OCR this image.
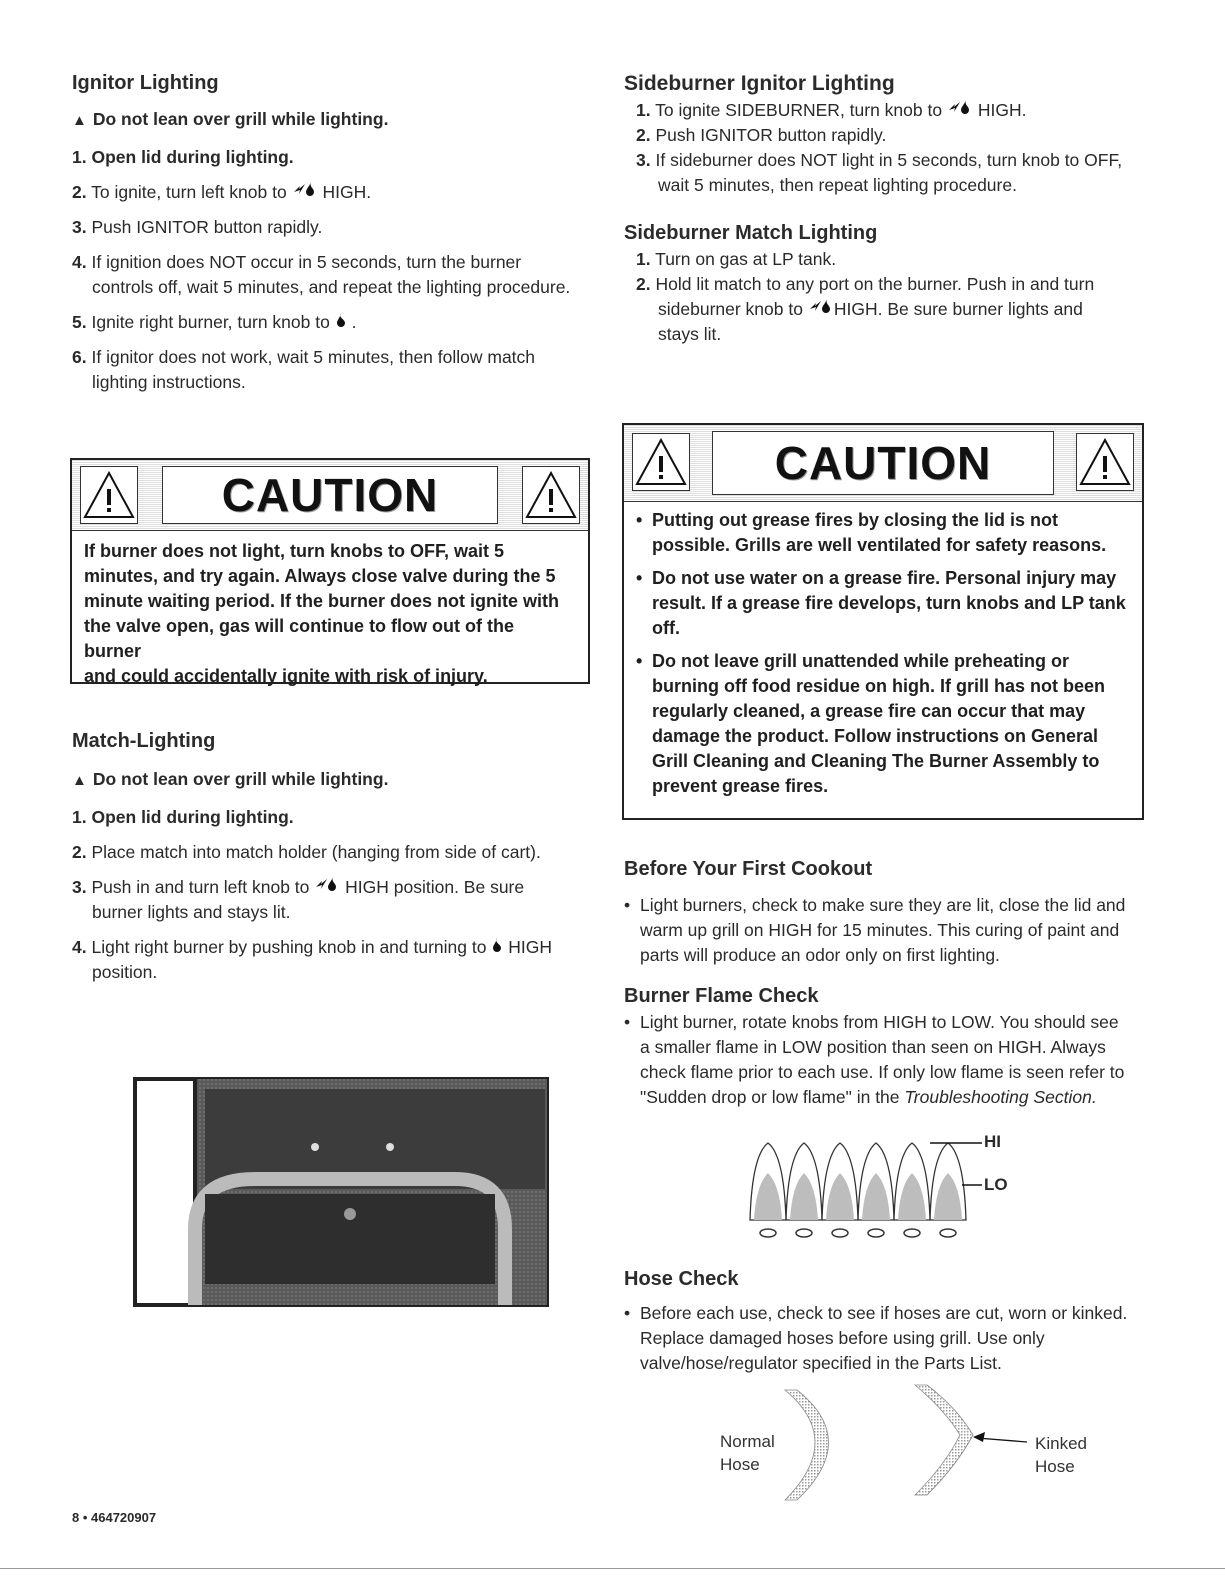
Ignitor Lighting
▲ Do not lean over grill while lighting.
1. Open lid during lighting.
2. To ignite, turn left knob to HIGH.
3. Push IGNITOR button rapidly.
4. If ignition does NOT occur in 5 seconds, turn the burner
controls off, wait 5 minutes, and repeat the lighting procedure.
5. Ignite right burner, turn knob to .
6. If ignitor does not work, wait 5 minutes, then follow match
lighting instructions.
CAUTION
If burner does not light, turn knobs to OFF, wait 5
minutes, and try again. Always close valve during the 5
minute waiting period. If the burner does not ignite with
the valve open, gas will continue to flow out of the burner
and could accidentally ignite with risk of injury.
Match-Lighting
▲ Do not lean over grill while lighting.
1. Open lid during lighting.
2. Place match into match holder (hanging from side of cart).
3. Push in and turn left knob to HIGH position. Be sure
burner lights and stays lit.
4. Light right burner by pushing knob in and turning to HIGH
position.
Sideburner Ignitor Lighting
1. To ignite SIDEBURNER, turn knob to HIGH.
2. Push IGNITOR button rapidly.
3. If sideburner does NOT light in 5 seconds, turn knob to OFF,
wait 5 minutes, then repeat lighting procedure.
Sideburner Match Lighting
1. Turn on gas at LP tank.
2. Hold lit match to any port on the burner. Push in and turn
sideburner knob to HIGH. Be sure burner lights and
stays lit.
CAUTION
• Putting out grease fires by closing the lid is not
possible. Grills are well ventilated for safety reasons.
• Do not use water on a grease fire. Personal injury may
result. If a grease fire develops, turn knobs and LP tank
off.
• Do not leave grill unattended while preheating or
burning off food residue on high. If grill has not been
regularly cleaned, a grease fire can occur that may
damage the product. Follow instructions on General
Grill Cleaning and Cleaning The Burner Assembly to
prevent grease fires.
Before Your First Cookout
• Light burners, check to make sure they are lit, close the lid and
warm up grill on HIGH for 15 minutes. This curing of paint and
parts will produce an odor only on first lighting.
Burner Flame Check
• Light burner, rotate knobs from HIGH to LOW. You should see
a smaller flame in LOW position than seen on HIGH. Always
check flame prior to each use. If only low flame is seen refer to
"Sudden drop or low flame" in the Troubleshooting Section.
HI
LO
Hose Check
• Before each use, check to see if hoses are cut, worn or kinked.
Replace damaged hoses before using grill. Use only
valve/hose/regulator specified in the Parts List.
Normal
Hose
Kinked
Hose
8 • 464720907
